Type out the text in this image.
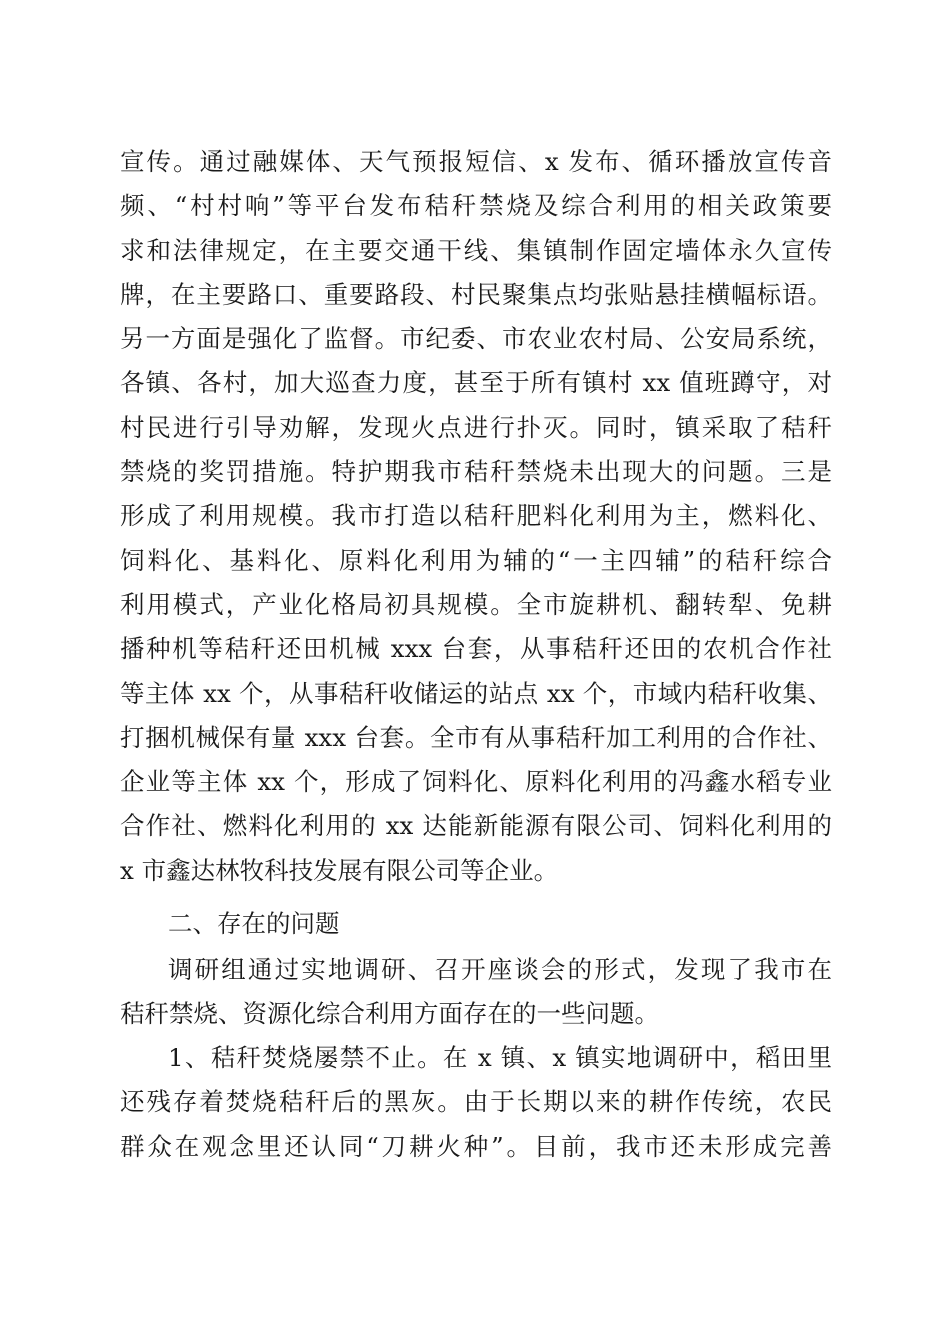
宣传。通过融媒体、天气预报短信、x 发布、循环播放宣传音
频、“村村响”等平台发布秸秆禁烧及综合利用的相关政策要
求和法律规定，在主要交通干线、集镇制作固定墙体永久宣传
牌，在主要路口、重要路段、村民聚集点均张贴悬挂横幅标语。
另一方面是强化了监督。市纪委、市农业农村局、公安局系统，
各镇、各村，加大巡查力度，甚至于所有镇村 xx 值班蹲守，对
村民进行引导劝解，发现火点进行扑灭。同时，镇采取了秸秆
禁烧的奖罚措施。特护期我市秸秆禁烧未出现大的问题。三是
形成了利用规模。我市打造以秸秆肥料化利用为主，燃料化、
饲料化、基料化、原料化利用为辅的“一主四辅”的秸秆综合
利用模式，产业化格局初具规模。全市旋耕机、翻转犁、免耕
播种机等秸秆还田机械 xxx 台套，从事秸秆还田的农机合作社
等主体 xx 个，从事秸秆收储运的站点 xx 个，市域内秸秆收集、
打捆机械保有量 xxx 台套。全市有从事秸秆加工利用的合作社、
企业等主体 xx 个，形成了饲料化、原料化利用的冯鑫水稻专业
合作社、燃料化利用的 xx 达能新能源有限公司、饲料化利用的
x 市鑫达林牧科技发展有限公司等企业。
二、存在的问题
调研组通过实地调研、召开座谈会的形式，发现了我市在
秸秆禁烧、资源化综合利用方面存在的一些问题。
1、秸秆焚烧屡禁不止。在 x 镇、x 镇实地调研中，稻田里
还残存着焚烧秸秆后的黑灰。由于长期以来的耕作传统，农民
群众在观念里还认同“刀耕火种”。目前，我市还未形成完善
